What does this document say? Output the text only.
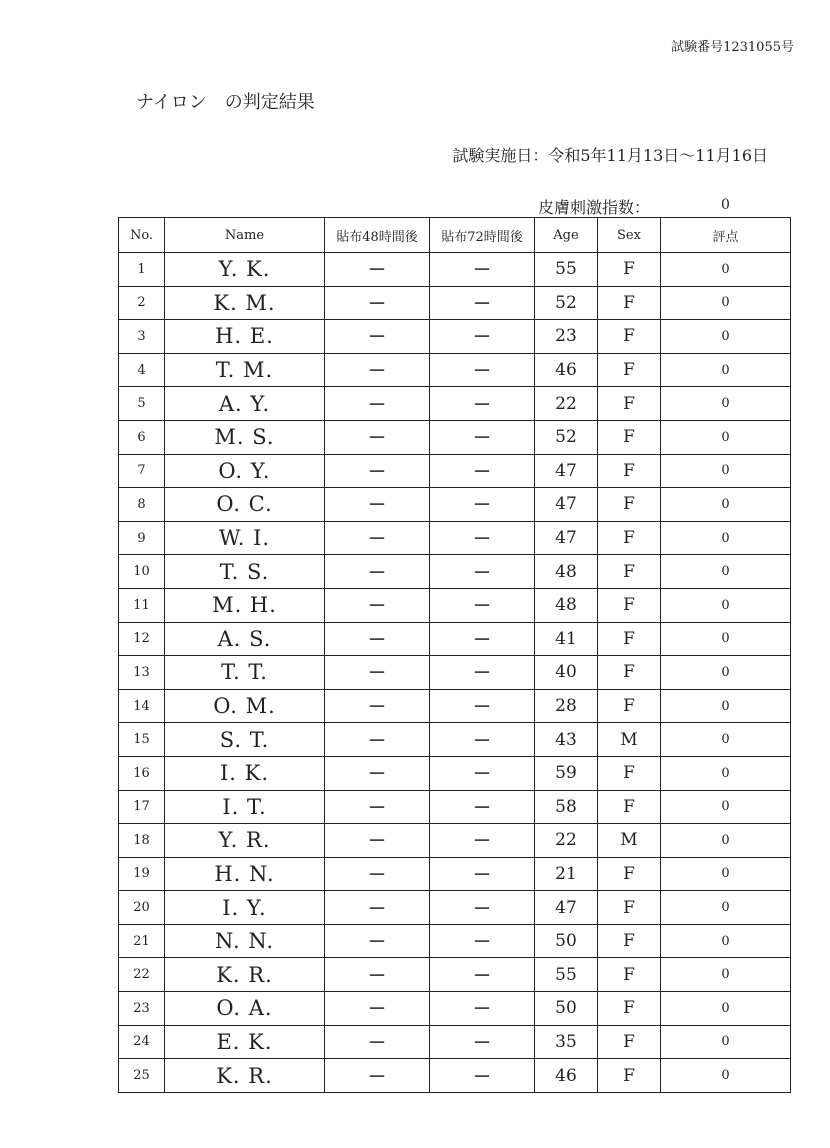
試験番号1231055号
ナイロン　の判定結果
試験実施日：令和5年11月13日～11月16日
皮膚刺激指数：	0
No.	Name	貼布48時間後	貼布72時間後	Age	Sex	評点
1	Y. K.	－	－	55	F	0
2	K. M.	－	－	52	F	0
3	H. E.	－	－	23	F	0
4	T. M.	－	－	46	F	0
5	A. Y.	－	－	22	F	0
6	M. S.	－	－	52	F	0
7	O. Y.	－	－	47	F	0
8	O. C.	－	－	47	F	0
9	W. I.	－	－	47	F	0
10	T. S.	－	－	48	F	0
11	M. H.	－	－	48	F	0
12	A. S.	－	－	41	F	0
13	T. T.	－	－	40	F	0
14	O. M.	－	－	28	F	0
15	S. T.	－	－	43	M	0
16	I. K.	－	－	59	F	0
17	I. T.	－	－	58	F	0
18	Y. R.	－	－	22	M	0
19	H. N.	－	－	21	F	0
20	I. Y.	－	－	47	F	0
21	N. N.	－	－	50	F	0
22	K. R.	－	－	55	F	0
23	O. A.	－	－	50	F	0
24	E. K.	－	－	35	F	0
25	K. R.	－	－	46	F	0
